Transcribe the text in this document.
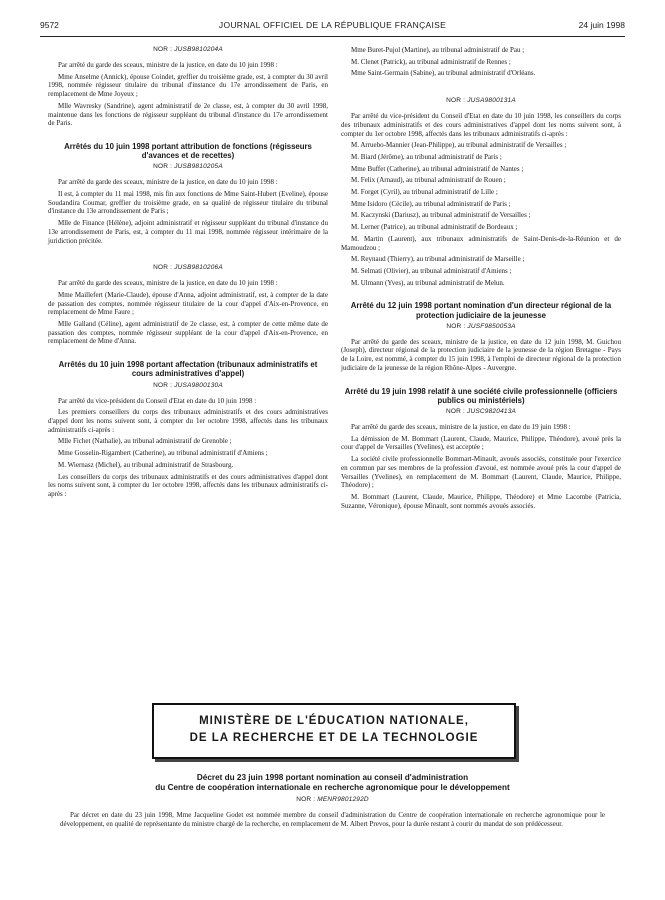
9572	JOURNAL OFFICIEL DE LA RÉPUBLIQUE FRANÇAISE	24 juin 1998
NOR : JUSB9810204A

Par arrêté du garde des sceaux, ministre de la justice, en date du 10 juin 1998 :

Mme Anselme (Annick), épouse Coindet, greffier du troisième grade, est, à compter du 30 avril 1998, nommée régisseur titulaire du tribunal d'instance du 17e arrondissement de Paris, en remplacement de Mme Joyeux ;

Mlle Wavresky (Sandrine), agent administratif de 2e classe, est, à compter du 30 avril 1998, maintenue dans les fonctions de régisseur suppléant du tribunal d'instance du 17e arrondissement de Paris.

Arrêtés du 10 juin 1998 portant attribution de fonctions (régisseurs d'avances et de recettes)
NOR : JUSB9810205A

Par arrêté du garde des sceaux, ministre de la justice, en date du 10 juin 1998 :

Il est, à compter du 11 mai 1998, mis fin aux fonctions de Mme Saint-Hubert (Eveline), épouse Soudandira Coumar, greffier du troisième grade, en sa qualité de régisseur titulaire du tribunal d'instance du 13e arrondissement de Paris ;

Mlle de Finance (Hélène), adjoint administratif et régisseur suppléant du tribunal d'instance du 13e arrondissement de Paris, est, à compter du 11 mai 1998, nommée régisseur intérimaire de la juridiction précitée.

NOR : JUSB9810206A

Par arrêté du garde des sceaux, ministre de la justice, en date du 10 juin 1998 :

Mme Maillefert (Marie-Claude), épouse d'Anna, adjoint administratif, est, à compter de la date de passation des comptes, nommée régisseur titulaire de la cour d'appel d'Aix-en-Provence, en remplacement de Mme Faure ;

Mlle Galland (Céline), agent administratif de 2e classe, est, à compter de cette même date de passation des comptes, nommée régisseur suppléant de la cour d'appel d'Aix-en-Provence, en remplacement de Mme d'Anna.

Arrêtés du 10 juin 1998 portant affectation (tribunaux administratifs et cours administratives d'appel)
NOR : JUSA9800130A

Par arrêté du vice-président du Conseil d'Etat en date du 10 juin 1998 :

Les premiers conseillers du corps des tribunaux administratifs et des cours administratives d'appel dont les noms suivent sont, à compter du 1er octobre 1998, affectés dans les tribunaux administratifs ci-après :

Mlle Fichet (Nathalie), au tribunal administratif de Grenoble ;

Mme Gosselin-Rigambert (Catherine), au tribunal administratif d'Amiens ;

M. Wiernasz (Michel), au tribunal administratif de Strasbourg.

Les conseillers du corps des tribunaux administratifs et des cours administratives d'appel dont les noms suivent sont, à compter du 1er octobre 1998, affectés dans les tribunaux administratifs ci-après :

Mme Buret-Pujol (Martine), au tribunal administratif de Pau ;

M. Clenet (Patrick), au tribunal administratif de Rennes ;

Mme Saint-Germain (Sabine), au tribunal administratif d'Orléans.

NOR : JUSA9800131A

Par arrêté du vice-président du Conseil d'Etat en date du 10 juin 1998, les conseillers du corps des tribunaux administratifs et des cours administratives d'appel dont les noms suivent sont, à compter du 1er octobre 1998, affectés dans les tribunaux administratifs ci-après :

M. Arruebo-Mannier (Jean-Philippe), au tribunal administratif de Versailles ;

M. Biard (Jérôme), au tribunal administratif de Paris ;

Mme Buffet (Catherine), au tribunal administratif de Nantes ;

M. Felix (Arnaud), au tribunal administratif de Rouen ;

M. Forget (Cyril), au tribunal administratif de Lille ;

Mme Isidoro (Cécile), au tribunal administratif de Paris ;

M. Kaczynski (Dariusz), au tribunal administratif de Versailles ;

M. Lerner (Patrice), au tribunal administratif de Bordeaux ;

M. Martin (Laurent), aux tribunaux administratifs de Saint-Denis-de-la-Réunion et de Mamoudzou ;

M. Reynaud (Thierry), au tribunal administratif de Marseille ;

M. Selmati (Olivier), au tribunal administratif d'Amiens ;

M. Ulmann (Yves), au tribunal administratif de Melun.

Arrêté du 12 juin 1998 portant nomination d'un directeur régional de la protection judiciaire de la jeunesse
NOR : JUSF9850053A

Par arrêté du garde des sceaux, ministre de la justice, en date du 12 juin 1998, M. Guichou (Joseph), directeur régional de la protection judiciaire de la jeunesse de la région Bretagne - Pays de la Loire, est nommé, à compter du 15 juin 1998, à l'emploi de directeur régional de la protection judiciaire de la jeunesse de la région Rhône-Alpes - Auvergne.

Arrêté du 19 juin 1998 relatif à une société civile professionnelle (officiers publics ou ministériels)
NOR : JUSC9820413A

Par arrêté du garde des sceaux, ministre de la justice, en date du 19 juin 1998 :

La démission de M. Bommart (Laurent, Claude, Maurice, Philippe, Théodore), avoué près la cour d'appel de Versailles (Yvelines), est acceptée ;

La société civile professionnelle Bommart-Minault, avoués associés, constituée pour l'exercice en commun par ses membres de la profession d'avoué, est nommée avoué près la cour d'appel de Versailles (Yvelines), en remplacement de M. Bommart (Laurent, Claude, Maurice, Philippe, Théodore) ;

M. Bommart (Laurent, Claude, Maurice, Philippe, Théodore) et Mme Lacombe (Patricia, Suzanne, Véronique), épouse Minault, sont nommés avoués associés.

MINISTÈRE DE L'ÉDUCATION NATIONALE,
DE LA RECHERCHE ET DE LA TECHNOLOGIE
Décret du 23 juin 1998 portant nomination au conseil d'administration
du Centre de coopération internationale en recherche agronomique pour le développement
NOR : MENR9801292D

Par décret en date du 23 juin 1998, Mme Jacqueline Godet est nommée membre du conseil d'administration du Centre de coopération internationale en recherche agronomique pour le développement, en qualité de représentante du ministre chargé de la recherche, en remplacement de M. Albert Prevos, pour la durée restant à courir du mandat de son prédécesseur.
